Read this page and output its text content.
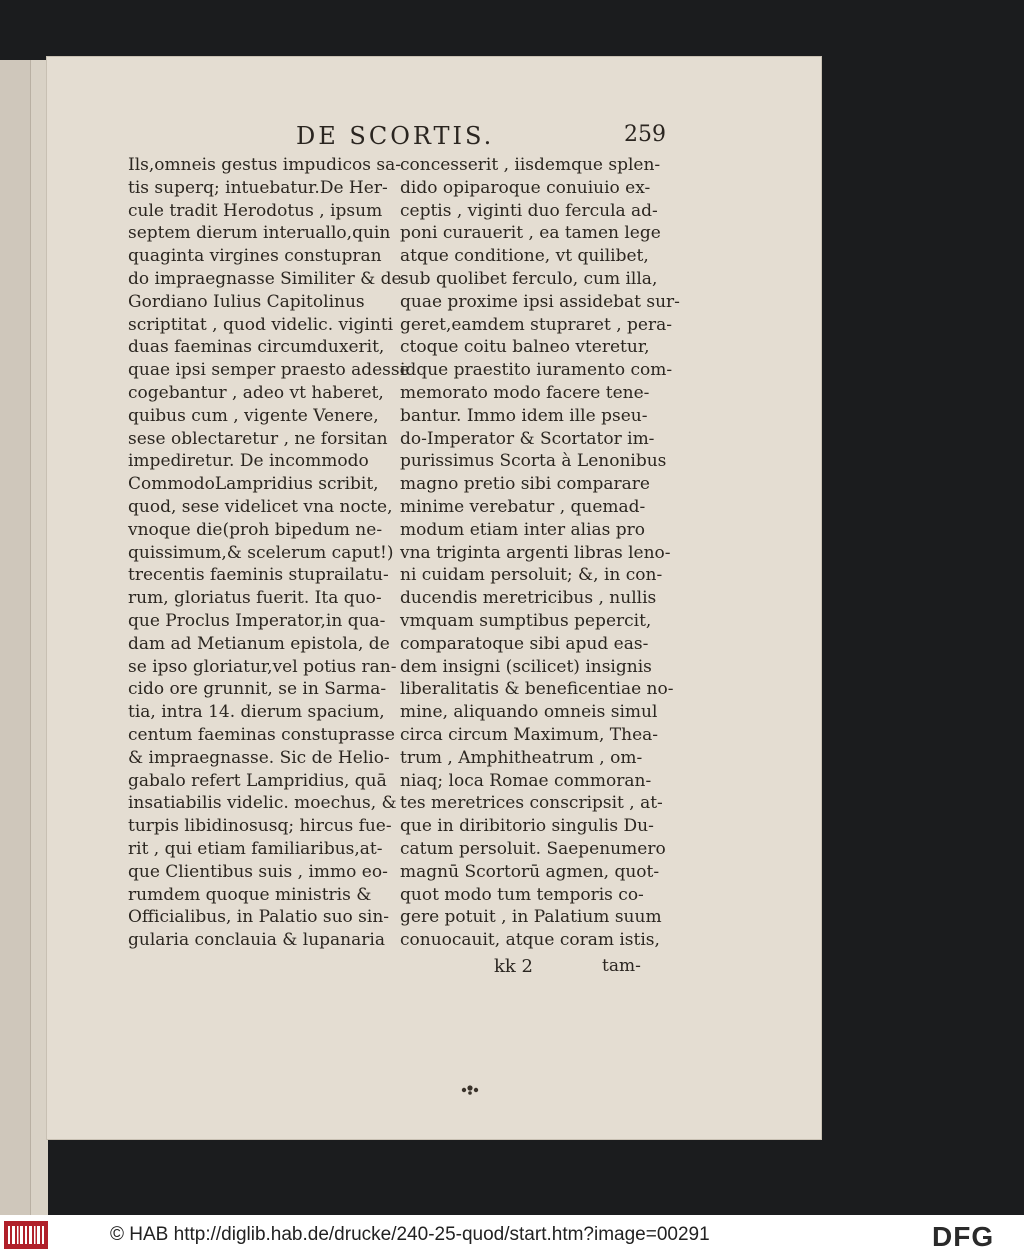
DE SCORTIS.	259
Ils,omneis gestus impudicos sa-
tis superq; intuebatur.De Her-
cule tradit Herodotus , ipsum
septem dierum interuallo,quin
quaginta virgines constupran
do impraegnasse Similiter & de
Gordiano Iulius Capitolinus
scriptitat , quod videlic. viginti
duas faeminas circumduxerit,
quae ipsi semper praesto adesse
cogebantur , adeo vt haberet,
quibus cum , vigente Venere,
sese oblectaretur , ne forsitan
impediretur. De incommodo
CommodoLampridius scribit,
quod, sese videlicet vna nocte,
vnoque die(proh bipedum ne-
quissimum,& scelerum caput!)
trecentis faeminis stuprailatu-
rum, gloriatus fuerit. Ita quo-
que Proclus Imperator,in qua-
dam ad Metianum epistola, de
se ipso gloriatur,vel potius ran-
cido ore grunnit, se in Sarma-
tia, intra 14. dierum spacium,
centum faeminas constuprasse
& impraegnasse. Sic de Helio-
gabalo refert Lampridius, quā
insatiabilis videlic. moechus, &
turpis libidinosusq; hircus fue-
rit , qui etiam familiaribus,at-
que Clientibus suis , immo eo-
rumdem quoque ministris &
Officialibus, in Palatio suo sin-
gularia conclauia & lupanaria
concesserit , iisdemque splen-
dido opiparoque conuiuio ex-
ceptis , viginti duo fercula ad-
poni curauerit , ea tamen lege
atque conditione, vt quilibet,
sub quolibet ferculo, cum illa,
quae proxime ipsi assidebat sur-
geret,eamdem stupraret , pera-
ctoque coitu balneo vteretur,
idque praestito iuramento com-
memorato modo facere tene-
bantur. Immo idem ille pseu-
do-Imperator & Scortator im-
purissimus Scorta à Lenonibus
magno pretio sibi comparare
minime verebatur , quemad-
modum etiam inter alias pro
vna triginta argenti libras leno-
ni cuidam persoluit; &, in con-
ducendis meretricibus , nullis
vmquam sumptibus pepercit,
comparatoque sibi apud eas-
dem insigni (scilicet) insignis
liberalitatis & beneficentiae no-
mine, aliquando omneis simul
circa circum Maximum, Thea-
trum , Amphitheatrum , om-
niaq; loca Romae commoran-
tes meretrices conscripsit , at-
que in diribitorio singulis Du-
catum persoluit. Saepenumero
magnū Scortorū agmen, quot-
quot modo tum temporis co-
gere potuit , in Palatium suum
conuocauit, atque coram istis,
kk 2	tam-
© HAB http://diglib.hab.de/drucke/240-25-quod/start.htm?image=00291	DFG
